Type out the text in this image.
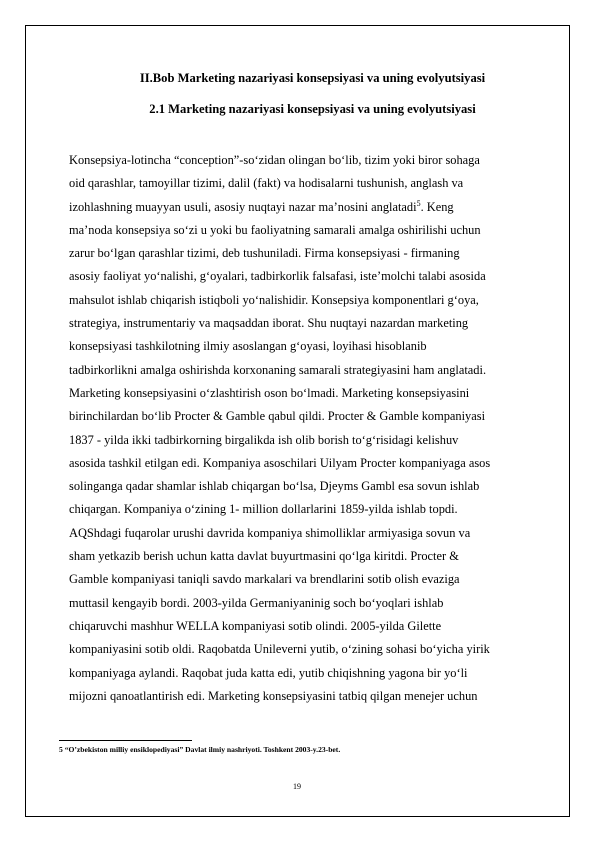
II.Bob Marketing nazariyasi konsepsiyasi va uning evolyutsiyasi
2.1 Marketing nazariyasi konsepsiyasi va uning evolyutsiyasi
Konsepsiya-lotincha “conception”-so‘zidan olingan bo‘lib, tizim yoki biror sohaga
oid qarashlar, tamoyillar tizimi, dalil (fakt) va hodisalarni tushunish, anglash va
izohlashning muayyan usuli, asosiy nuqtayi nazar ma’nosini anglatadi$^5$. Keng
ma’noda konsepsiya so‘zi u yoki bu faoliyatning samarali amalga oshirilishi uchun
zarur bo‘lgan qarashlar tizimi, deb tushuniladi. Firma konsepsiyasi - firmaning
asosiy faoliyat yo‘nalishi, g‘oyalari, tadbirkorlik falsafasi, iste’molchi talabi asosida
mahsulot ishlab chiqarish istiqboli yo‘nalishidir. Konsepsiya komponentlari g‘oya,
strategiya, instrumentariy va maqsaddan iborat. Shu nuqtayi nazardan marketing
konsepsiyasi tashkilotning ilmiy asoslangan g‘oyasi, loyihasi hisoblanib
tadbirkorlikni amalga oshirishda korxonaning samarali strategiyasini ham anglatadi.
Marketing konsepsiyasini o‘zlashtirish oson bo‘lmadi. Marketing konsepsiyasini
birinchilardan bo‘lib Procter & Gamble qabul qildi. Procter & Gamble kompaniyasi
1837 - yilda ikki tadbirkorning birgalikda ish olib borish to‘g‘risidagi kelishuv
asosida tashkil etilgan edi. Kompaniya asoschilari Uilyam Procter kompaniyaga asos
solinganga qadar shamlar ishlab chiqargan bo‘lsa, Djeyms Gambl esa sovun ishlab
chiqargan. Kompaniya o‘zining 1- million dollarlarini 1859-yilda ishlab topdi.
AQShdagi fuqarolar urushi davrida kompaniya shimolliklar armiyasiga sovun va
sham yetkazib berish uchun katta davlat buyurtmasini qo‘lga kiritdi. Procter &
Gamble kompaniyasi taniqli savdo markalari va brendlarini sotib olish evaziga
muttasil kengayib bordi. 2003-yilda Germaniyaninig soch bo‘yoqlari ishlab
chiqaruvchi mashhur WELLA kompaniyasi sotib olindi. 2005-yilda Gilette
kompaniyasini sotib oldi. Raqobatda Unileverni yutib, o‘zining sohasi bo‘yicha yirik
kompaniyaga aylandi. Raqobat juda katta edi, yutib chiqishning yagona bir yo‘li
mijozni qanoatlantirish edi. Marketing konsepsiyasini tatbiq qilgan menejer uchun
5 “O’zbekiston milliy ensiklopediyasi” Davlat ilmiy nashriyoti. Toshkent 2003-y.23-bet.
19
